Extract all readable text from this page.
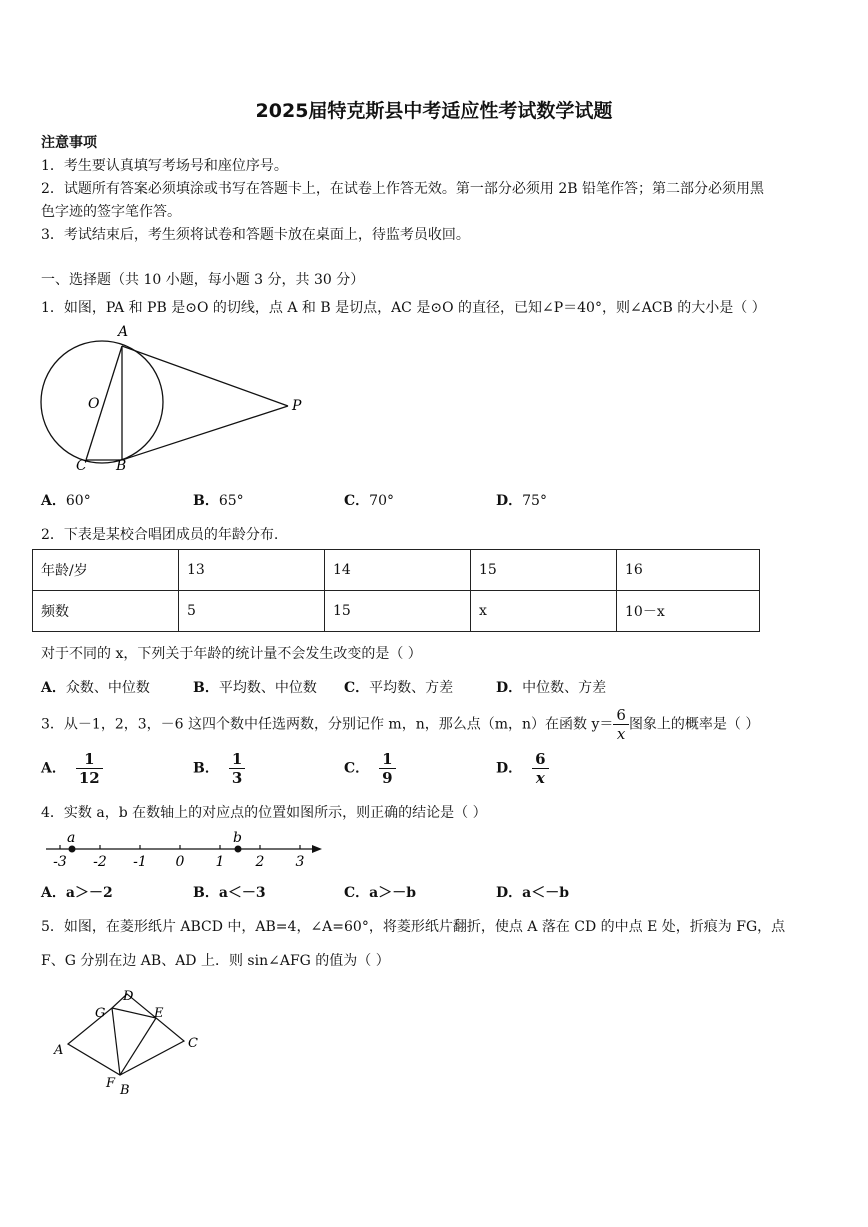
2025届特克斯县中考适应性考试数学试题
注意事项
1．考生要认真填写考场号和座位序号。
2．试题所有答案必须填涂或书写在答题卡上，在试卷上作答无效。第一部分必须用 2B 铅笔作答；第二部分必须用黑
色字迹的签字笔作答。
3．考试结束后，考生须将试卷和答题卡放在桌面上，待监考员收回。
一、选择题（共 10 小题，每小题 3 分，共 30 分）
1．如图，PA 和 PB 是⊙O 的切线，点 A 和 B 是切点，AC 是⊙O 的直径，已知∠P＝40°，则∠ACB 的大小是（ ）
A
O	P
C B
A．60°	B．65°	C．70°	D．75°
2．下表是某校合唱团成员的年龄分布.
年龄/岁	13	14	15	16
频数	5	15	x	10－x
对于不同的 x，下列关于年龄的统计量不会发生改变的是（ ）
A．众数、中位数	B．平均数、中位数 C．平均数、方差	D．中位数、方差
3．从－1，2，3，－6 这四个数中任选两数，分别记作 m，n，那么点（m，n）在函数 $y= \frac{6}{x}$ 图象上的概率是（ ）
A． $\frac{1}{12}$	B． $\frac{1}{3}$	C． $\frac{1}{9}$	D． $\frac{6}{x}$
4．实数 a，b 在数轴上的对应点的位置如图所示，则正确的结论是（ ）
-3 -2 -1 0 1 2 3
a	b
A．a＞－2	B．a＜－3	C．a＞－b	D．a＜－b
5．如图，在菱形纸片 ABCD 中，AB=4，∠A=60°，将菱形纸片翻折，使点 A 落在 CD 的中点 E 处，折痕为 FG，点
F、G 分别在边 AB、AD 上．则 sin∠AFG 的值为（ ）
D
G	E
A	C
F B
